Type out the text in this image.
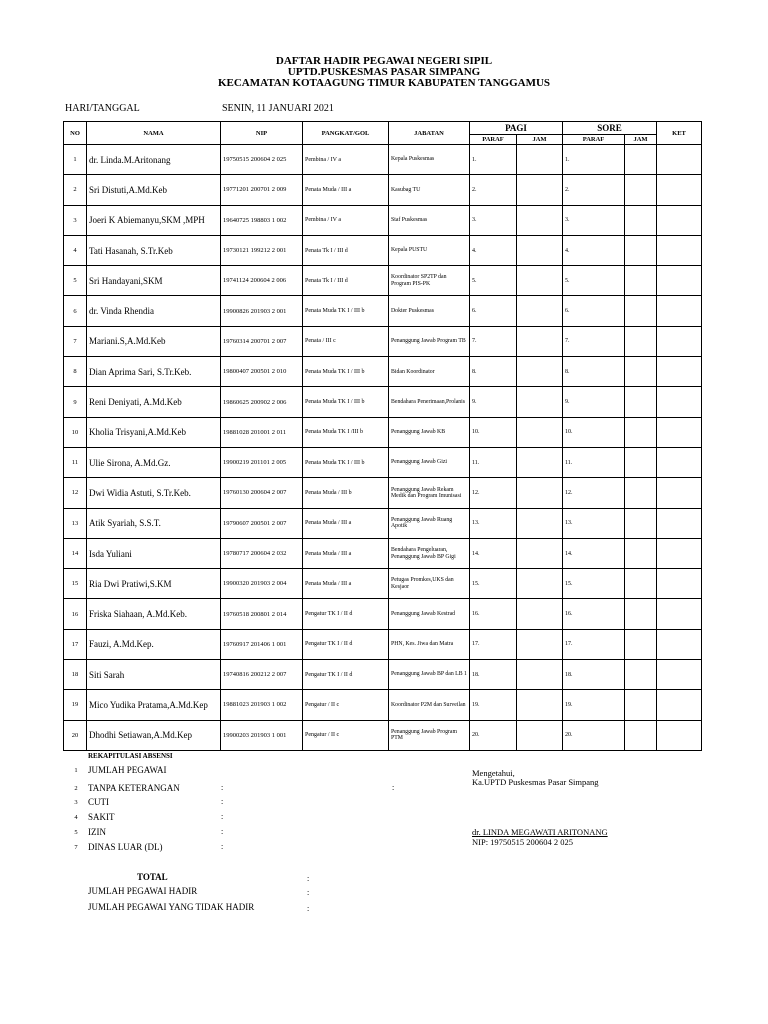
DAFTAR HADIR PEGAWAI NEGERI SIPIL
UPTD.PUSKESMAS PASAR SIMPANG
KECAMATAN KOTAAGUNG TIMUR KABUPATEN TANGGAMUS
HARI/TANGGAL	SENIN, 11 JANUARI 2021
NO	NAMA	NIP	PANGKAT/GOL	JABATAN	PAGI		SORE		KET
					PARAF	JAM	PARAF	JAM	
1	dr. Linda.M.Aritonang	19750515 200604 2 025	Pembina / IV a	Kepala Puskesmas	1.		1.		
2	Sri Distuti,A.Md.Keb	19771201 200701 2 009	Penata Muda / III a	Kasubag TU	2.		2.		
3	Joeri K Abiemanyu,SKM ,MPH	19640725 198803 1 002	Pembina / IV a	Staf Puskesmas	3.		3.		
4	Tati Hasanah, S.Tr.Keb	19730121 199212 2 001	Penata Tk I / III d	Kepala PUSTU	4.		4.		
5	Sri Handayani,SKM	19741124 200604 2 006	Penata Tk I / III d	Koordinator SP2TP dan Program PIS-PK	5.		5.		
6	dr. Vinda Rhendia	19900826 201903 2 001	Penata Muda TK I / III b	Dokter Puskesmas	6.		6.		
7	Mariani.S,A.Md.Keb	19760314 200701 2 007	Penata / III c	Penanggung Jawab Program TB	7.		7.		
8	Dian Aprima Sari, S.Tr.Keb.	19800407 200501 2 010	Penata Muda TK I / III b	Bidan Koordinator	8.		8.		
9	Reni Deniyati, A.Md.Keb	19860625 200902 2 006	Penata Muda TK I / III b	Bendahara Penerimaan,Prolanis	9.		9.		
10	Kholia Trisyani,A.Md.Keb	19881028 201001 2 011	Penata Muda TK I /III b	Penanggung Jawab KB	10.		10.		
11	Ulie Sirona, A.Md.Gz.	19900219 201101 2 005	Penata Muda TK I / III b	Penanggung Jawab Gizi	11.		11.		
12	Dwi Widia Astuti, S.Tr.Keb.	19760130 200604 2 007	Penata Muda / III b	Penanggung Jawab Rekam Medik dan Program Imunisasi	12.		12.		
13	Atik Syariah, S.S.T.	19790607 200501 2 007	Penata Muda / III a	Penanggung Jawab Ruang Apotik	13.		13.		
14	Isda Yuliani	19780717 200604 2 032	Penata Muda / III a	Bendahara Pengeluaran, Penanggung Jawab BP Gigi	14.		14.		
15	Ria Dwi Pratiwi,S.KM	19900320 201903 2 004	Penata Muda / III a	Petugas Promkes,UKS dan Kesjaor	15.		15.		
16	Friska Siahaan, A.Md.Keb.	19760518 200801 2 014	Pengatur TK I / II d	Penanggung Jawab Kestrad	16.		16.		
17	Fauzi, A.Md.Kep.	19760917 201406 1 001	Pengatur TK I / II d	PHN, Kes. Jiwa dan Matra	17.		17.		
18	Siti Sarah	19740816 200212 2 007	Pengatur TK I / II d	Penanggung Jawab BP dan LB 1	18.		18.		
19	Mico Yudika Pratama,A.Md.Kep	19881023 201903 1 002	Pengatur / II c	Koordinator P2M dan Surveilan	19.		19.		
20	Dhodhi Setiawan,A.Md.Kep	19900203 201903 1 001	Pengatur / II c	Penanggung Jawab Program PTM	20.		20.		
REKAPITULASI ABSENSI
1	JUMLAH PEGAWAI
2	TANPA KETERANGAN	:
3	CUTI	:
4	SAKIT	:
5	IZIN	:
7	DINAS LUAR (DL)	:
:
Mengetahui,
Ka.UPTD Puskesmas Pasar Simpang
dr. LINDA MEGAWATI ARITONANG
NIP: 19750515 200604 2 025
TOTAL	:
JUMLAH PEGAWAI HADIR	:
JUMLAH PEGAWAI YANG TIDAK HADIR	:
